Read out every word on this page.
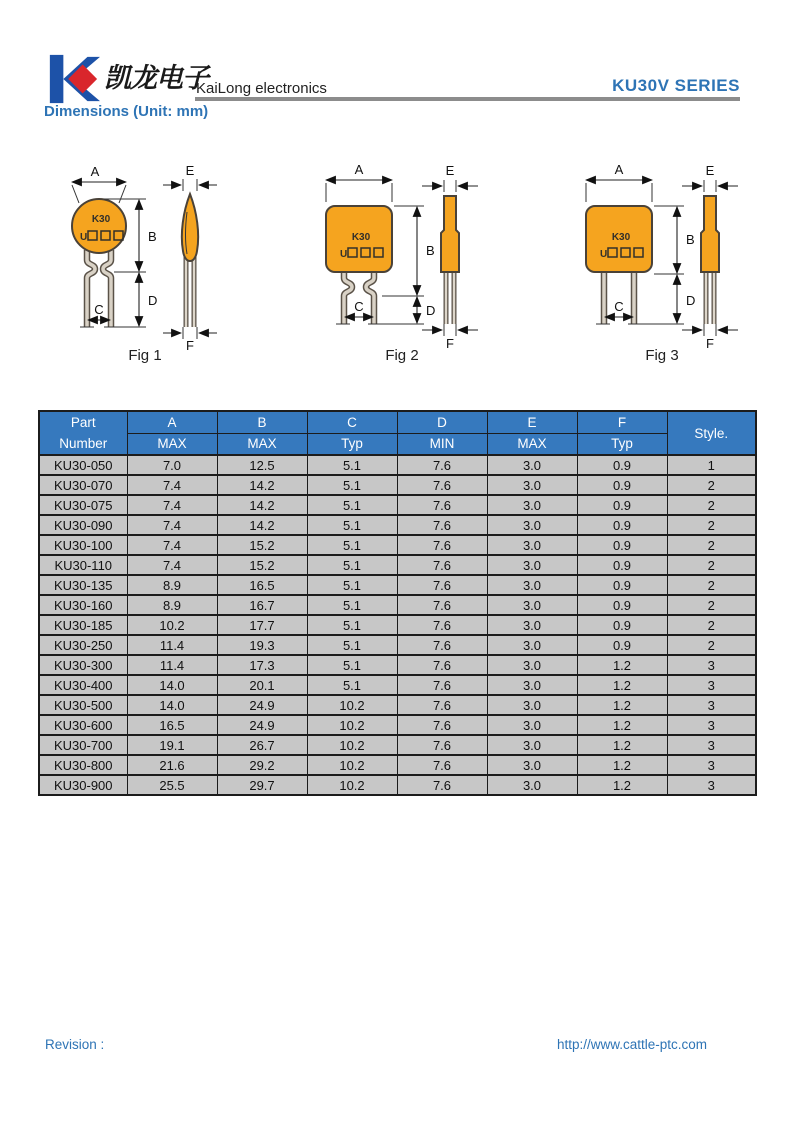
凯龙电子
KaiLong electronics	KU30V SERIES
Dimensions (Unit: mm)
A
K30
U	B
D
C
E
F
Fig 1
A
K30
U	B
D
C
E
F
Fig 2
A
K30
U
B
D
C
E
F
Fig 3
Part
Number	A	B	C	D	E	F	Style.
	MAX	MAX	Typ	MIN	MAX	Typ	
KU30-050	7.0	12.5	5.1	7.6	3.0	0.9	1
KU30-070	7.4	14.2	5.1	7.6	3.0	0.9	2
KU30-075	7.4	14.2	5.1	7.6	3.0	0.9	2
KU30-090	7.4	14.2	5.1	7.6	3.0	0.9	2
KU30-100	7.4	15.2	5.1	7.6	3.0	0.9	2
KU30-110	7.4	15.2	5.1	7.6	3.0	0.9	2
KU30-135	8.9	16.5	5.1	7.6	3.0	0.9	2
KU30-160	8.9	16.7	5.1	7.6	3.0	0.9	2
KU30-185	10.2	17.7	5.1	7.6	3.0	0.9	2
KU30-250	11.4	19.3	5.1	7.6	3.0	0.9	2
KU30-300	11.4	17.3	5.1	7.6	3.0	1.2	3
KU30-400	14.0	20.1	5.1	7.6	3.0	1.2	3
KU30-500	14.0	24.9	10.2	7.6	3.0	1.2	3
KU30-600	16.5	24.9	10.2	7.6	3.0	1.2	3
KU30-700	19.1	26.7	10.2	7.6	3.0	1.2	3
KU30-800	21.6	29.2	10.2	7.6	3.0	1.2	3
KU30-900	25.5	29.7	10.2	7.6	3.0	1.2	3
Revision :	http://www.cattle-ptc.com
